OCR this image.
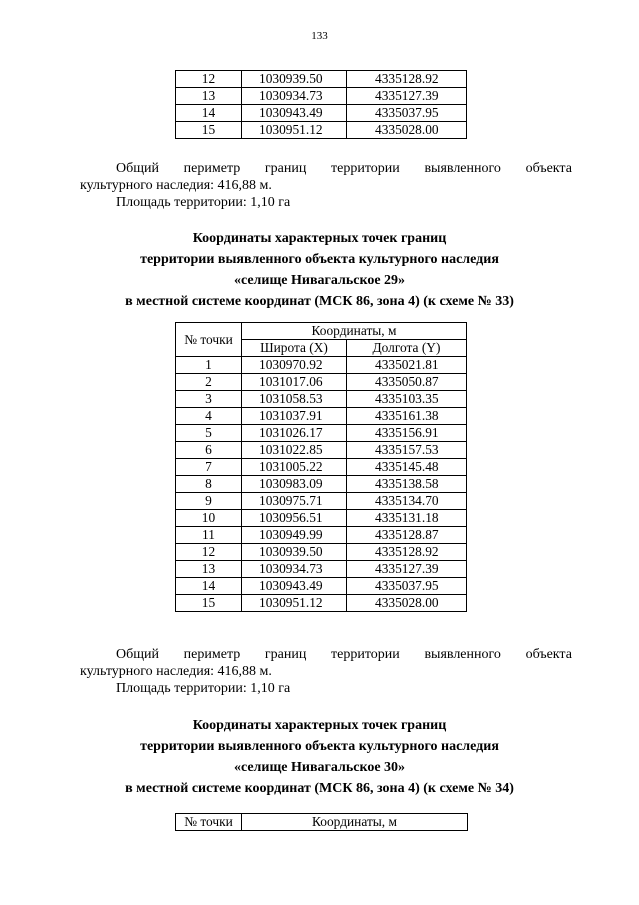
133
12	1030939.50	4335128.92
13	1030934.73	4335127.39
14	1030943.49	4335037.95
15	1030951.12	4335028.00
Общий периметр границ территории выявленного объекта
культурного наследия: 416,88 м.
Площадь территории: 1,10 га
Координаты характерных точек границ
территории выявленного объекта культурного наследия
«селище Нивагальское 29»
в местной системе координат (МСК 86, зона 4) (к схеме № 33)
№ точки	Координаты, м	
	Широта (X)	Долгота (Y)
1	1030970.92	4335021.81
2	1031017.06	4335050.87
3	1031058.53	4335103.35
4	1031037.91	4335161.38
5	1031026.17	4335156.91
6	1031022.85	4335157.53
7	1031005.22	4335145.48
8	1030983.09	4335138.58
9	1030975.71	4335134.70
10	1030956.51	4335131.18
11	1030949.99	4335128.87
12	1030939.50	4335128.92
13	1030934.73	4335127.39
14	1030943.49	4335037.95
15	1030951.12	4335028.00
Общий периметр границ территории выявленного объекта
культурного наследия: 416,88 м.
Площадь территории: 1,10 га
Координаты характерных точек границ
территории выявленного объекта культурного наследия
«селище Нивагальское 30»
в местной системе координат (МСК 86, зона 4) (к схеме № 34)
№ точки	Координаты, м
